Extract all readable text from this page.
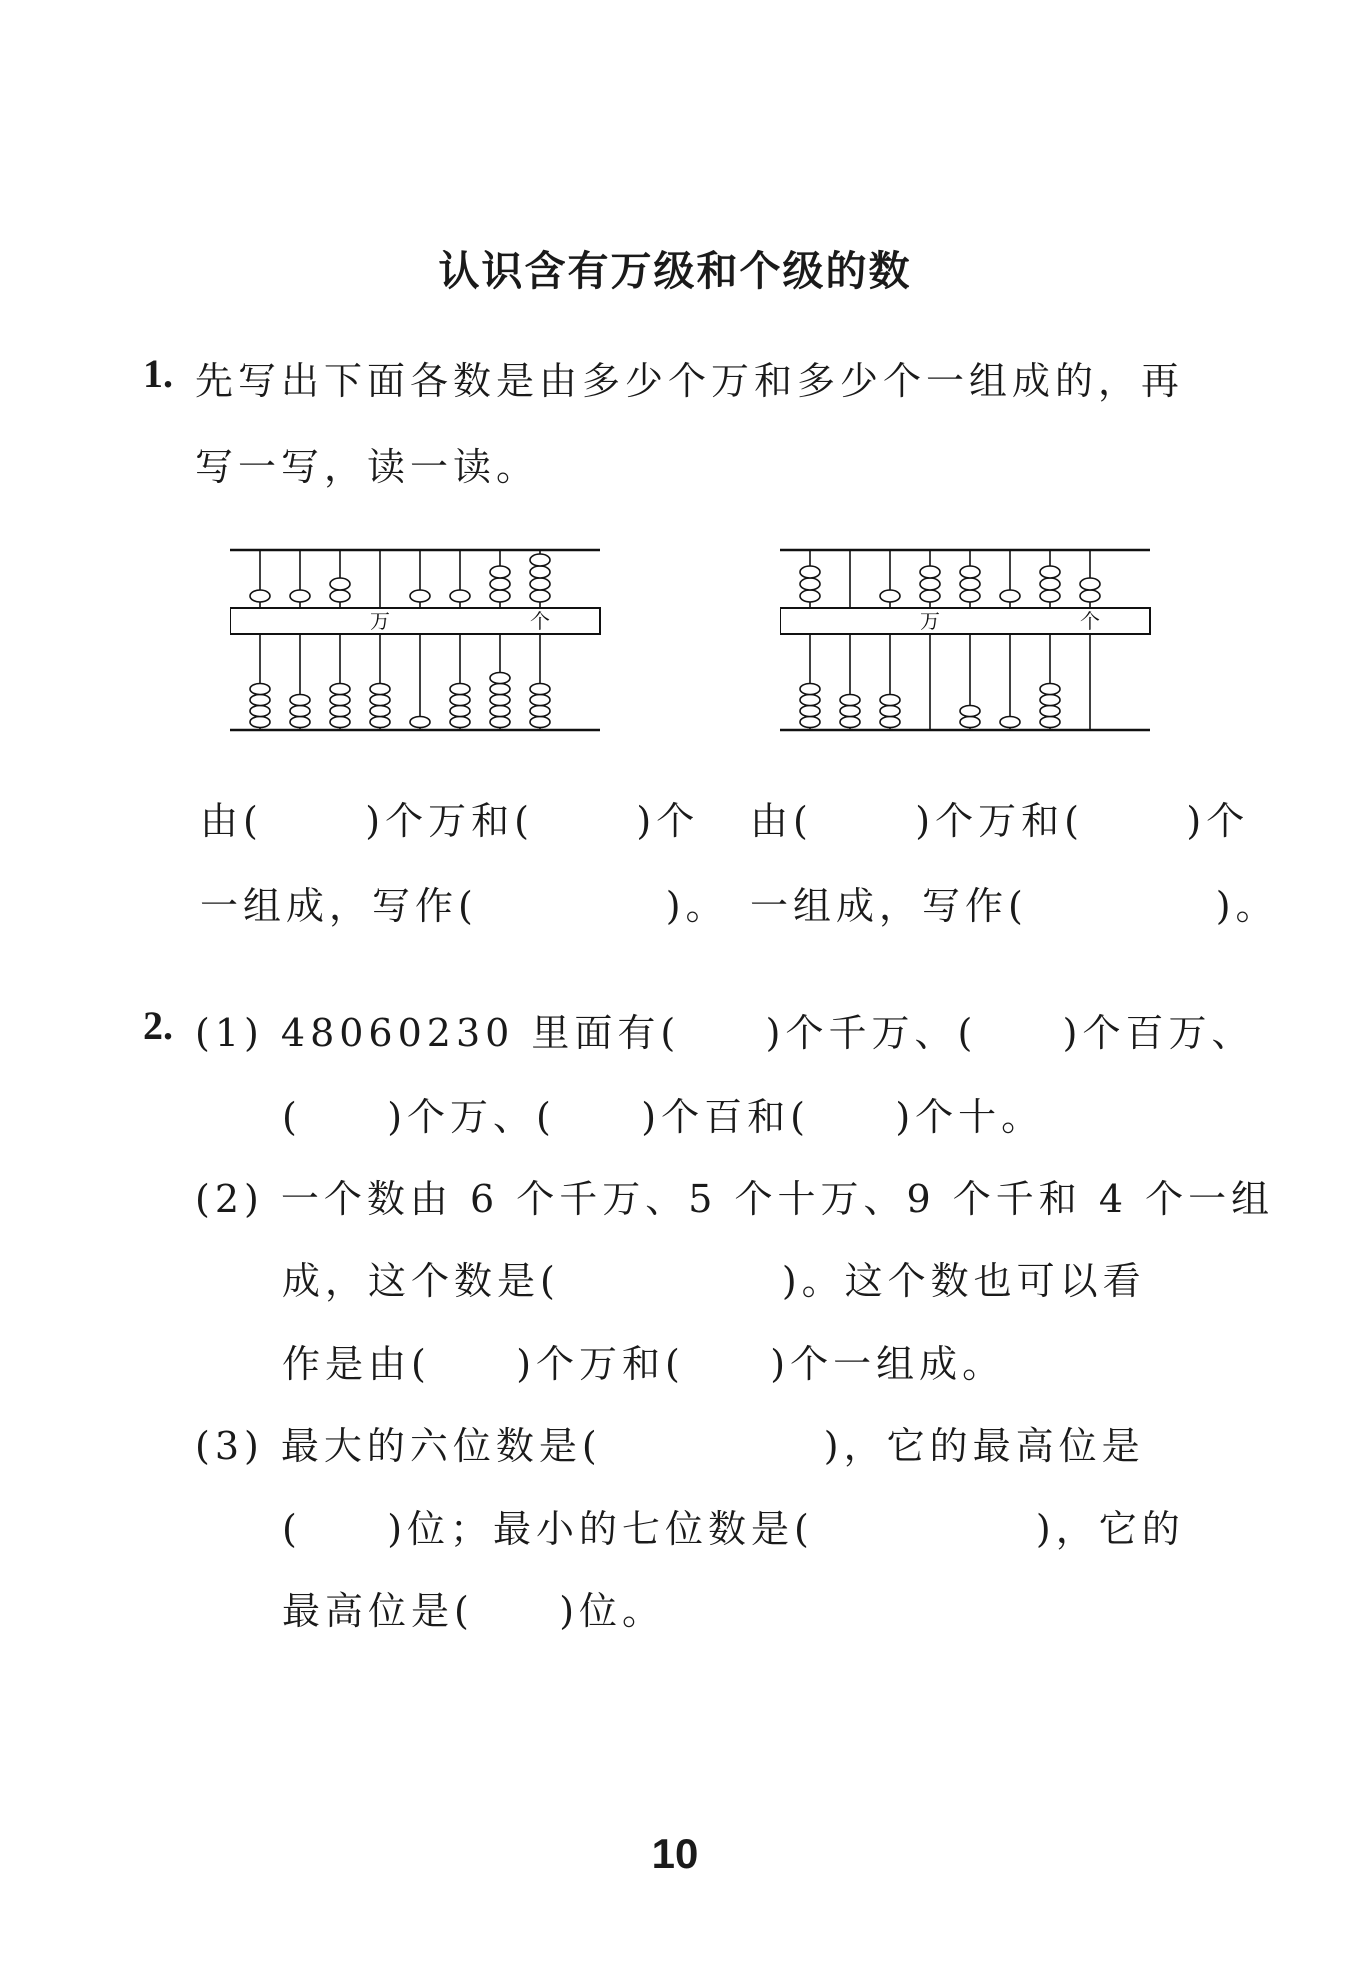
认识含有万级和个级的数
1. 先写出下面各数是由多少个万和多少个一组成的，再
写一写，读一读。
万	个	万	个
由(      )个万和(      )个
一组成，写作(           )。
由(      )个万和(      )个
一组成，写作(           )。
2. (1) 48060230 里面有(     )个千万、(     )个百万、
(     )个万、(     )个百和(     )个十。
(2) 一个数由 6 个千万、5 个十万、9 个千和 4 个一组
成，这个数是(             )。这个数也可以看
作是由(     )个万和(     )个一组成。
(3) 最大的六位数是(             )，它的最高位是
(     )位；最小的七位数是(             )，它的
最高位是(     )位。
10
